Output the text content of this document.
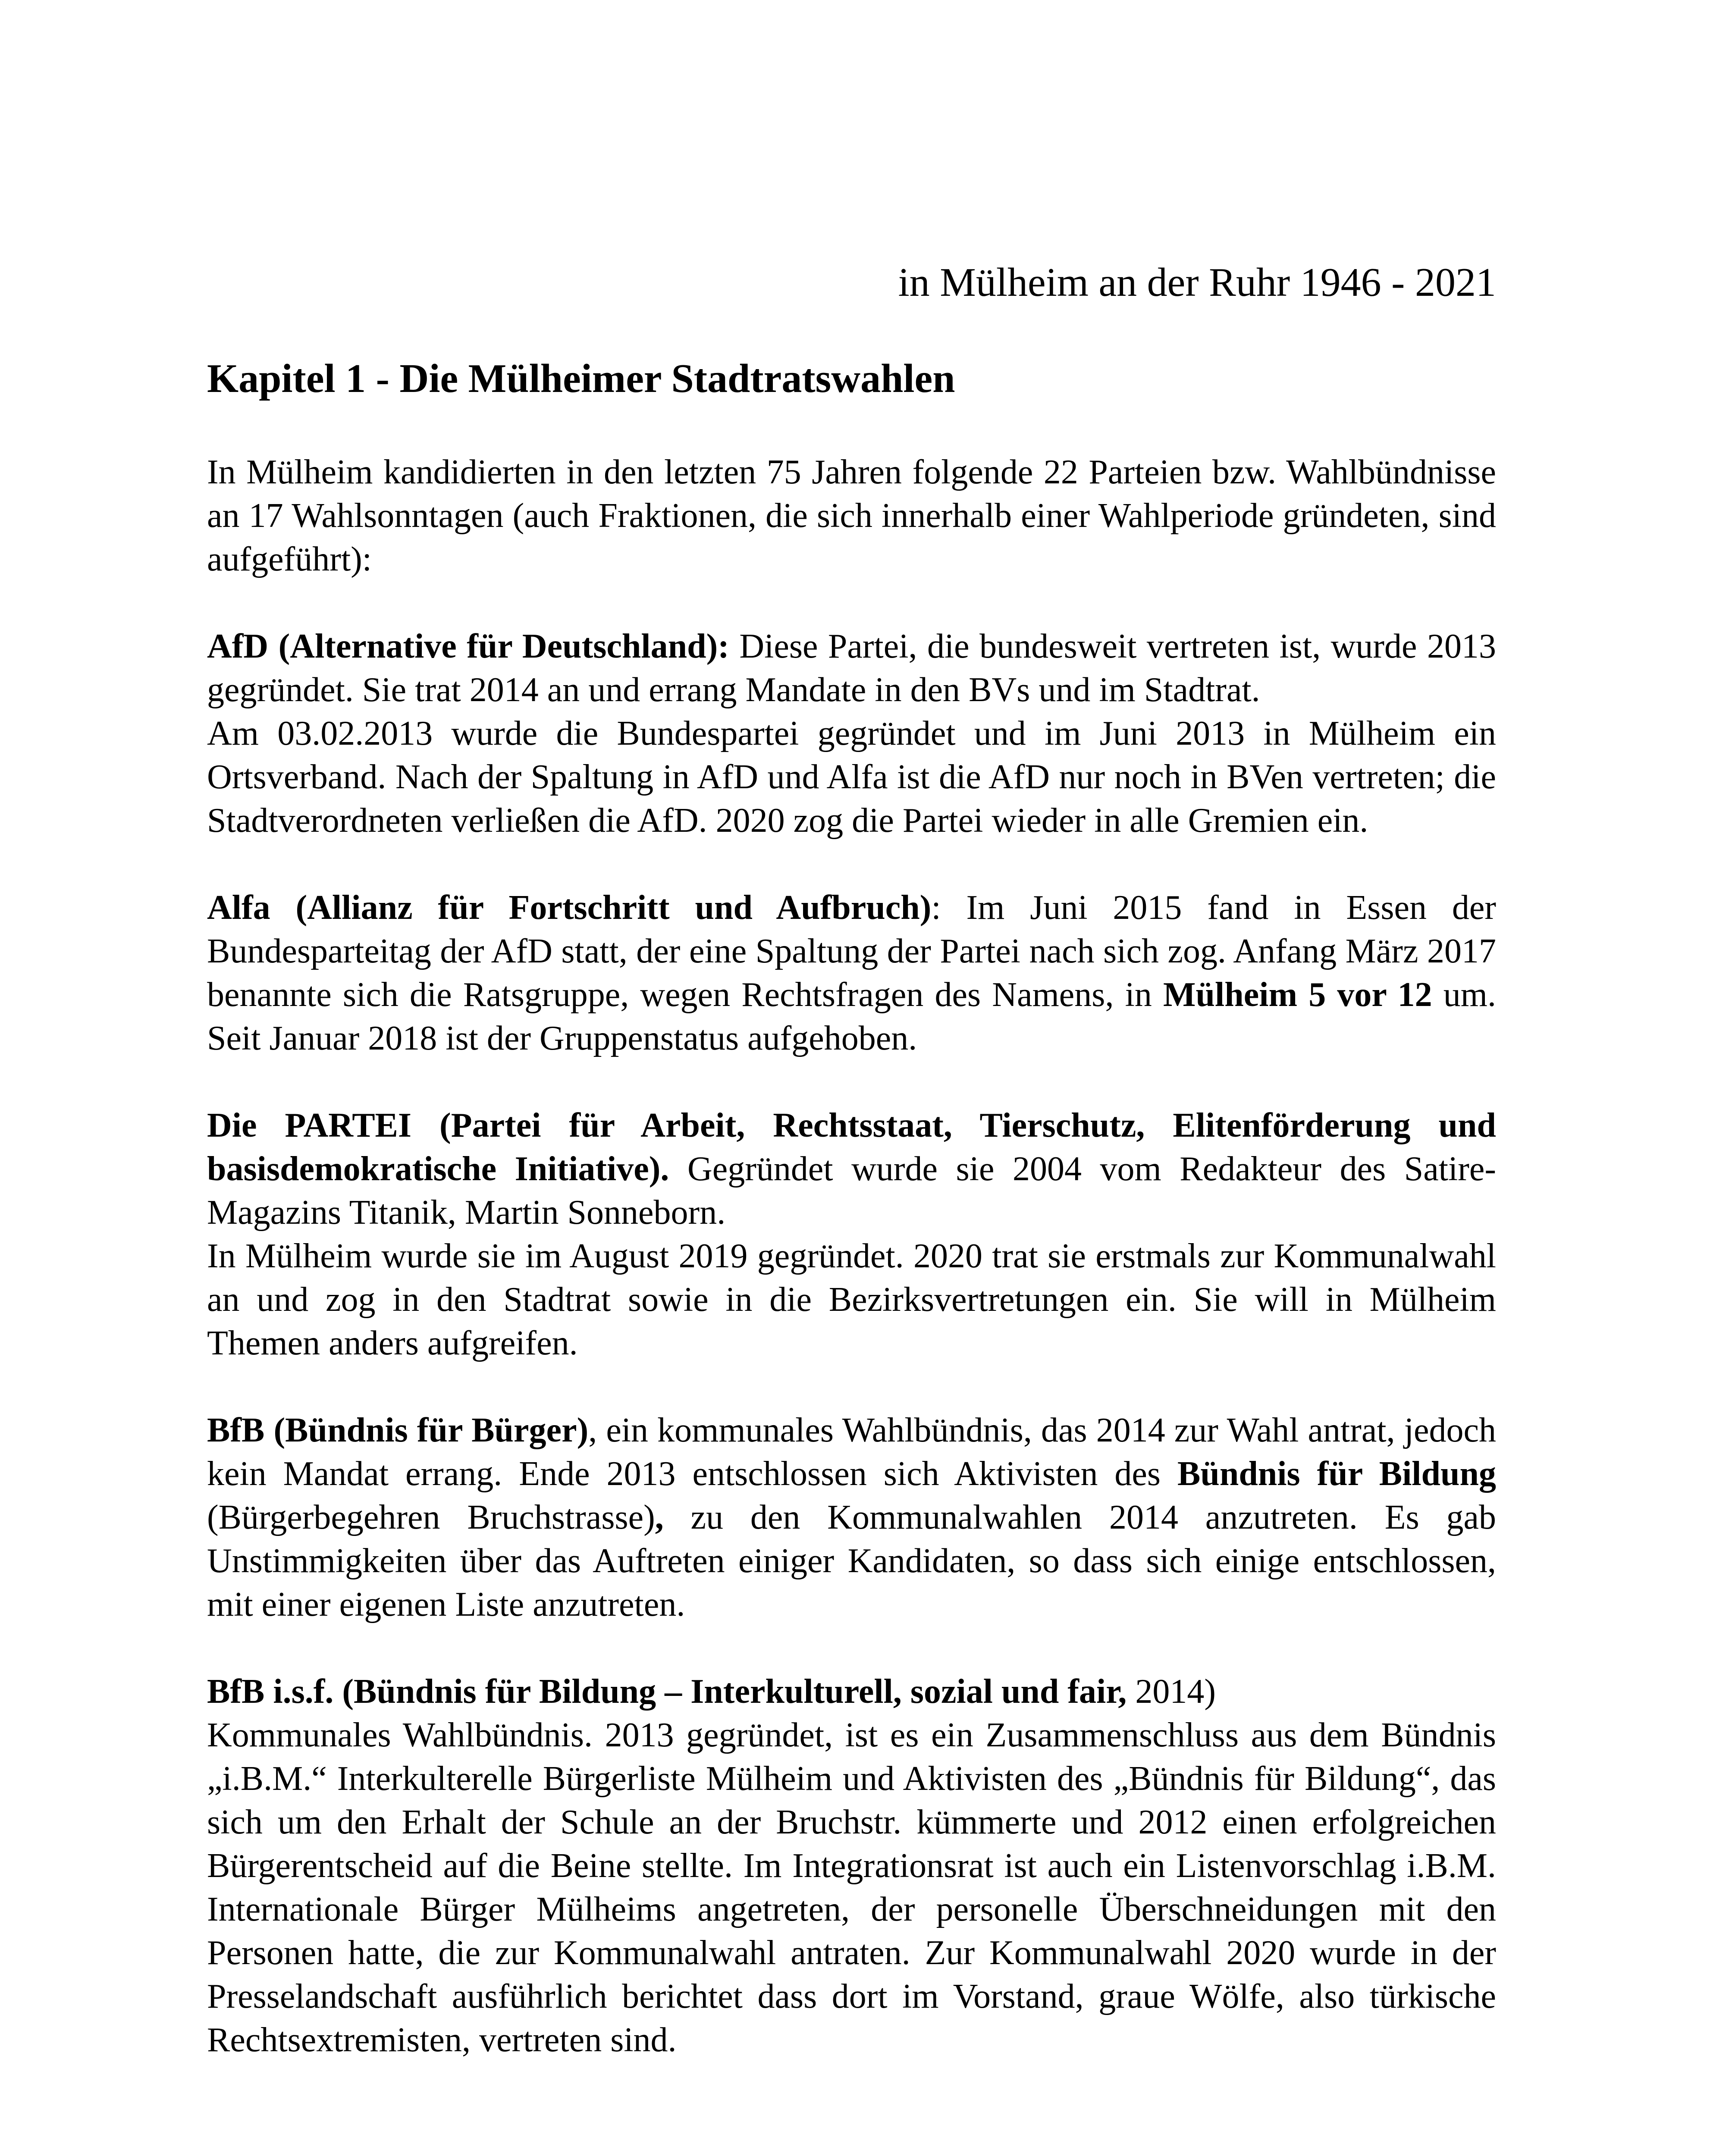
in Mülheim an der Ruhr 1946 - 2021
Kapitel 1 - Die Mülheimer Stadtratswahlen

In Mülheim kandidierten in den letzten 75 Jahren folgende 22 Parteien bzw. Wahlbündnisse an 17 Wahlsonntagen (auch Fraktionen, die sich innerhalb einer Wahlperiode gründeten, sind aufgeführt):

AfD (Alternative für Deutschland): Diese Partei, die bundesweit vertreten ist, wurde 2013 gegründet. Sie trat 2014 an und errang Mandate in den BVs und im Stadtrat.

Am 03.02.2013 wurde die Bundespartei gegründet und im Juni 2013 in Mülheim ein Ortsverband. Nach der Spaltung in AfD und Alfa ist die AfD nur noch in BVen vertreten; die Stadtverordneten verließen die AfD. 2020 zog die Partei wieder in alle Gremien ein.

Alfa (Allianz für Fortschritt und Aufbruch): Im Juni 2015 fand in Essen der Bundesparteitag der AfD statt, der eine Spaltung der Partei nach sich zog. Anfang März 2017 benannte sich die Ratsgruppe, wegen Rechtsfragen des Namens, in Mülheim 5 vor 12 um. Seit Januar 2018 ist der Gruppenstatus aufgehoben.

Die PARTEI (Partei für Arbeit, Rechtsstaat, Tierschutz, Elitenförderung und basisdemokratische Initiative). Gegründet wurde sie 2004 vom Redakteur des Satire-Magazins Titanik, Martin Sonneborn.

In Mülheim wurde sie im August 2019 gegründet. 2020 trat sie erstmals zur Kommunalwahl an und zog in den Stadtrat sowie in die Bezirksvertretungen ein. Sie will in Mülheim Themen anders aufgreifen.

BfB (Bündnis für Bürger), ein kommunales Wahlbündnis, das 2014 zur Wahl antrat, jedoch kein Mandat errang. Ende 2013 entschlossen sich Aktivisten des Bündnis für Bildung (Bürgerbegehren Bruchstrasse), zu den Kommunalwahlen 2014 anzutreten. Es gab Unstimmigkeiten über das Auftreten einiger Kandidaten, so dass sich einige entschlossen, mit einer eigenen Liste anzutreten.

BfB i.s.f. (Bündnis für Bildung – Interkulturell, sozial und fair, 2014)

Kommunales Wahlbündnis. 2013 gegründet, ist es ein Zusammenschluss aus dem Bündnis „i.B.M.“ Interkulterelle Bürgerliste Mülheim und Aktivisten des „Bündnis für Bildung“, das sich um den Erhalt der Schule an der Bruchstr. kümmerte und 2012 einen erfolgreichen Bürgerentscheid auf die Beine stellte. Im Integrationsrat ist auch ein Listenvorschlag i.B.M. Internationale Bürger Mülheims angetreten, der personelle Überschneidungen mit den Personen hatte, die zur Kommunalwahl antraten. Zur Kommunalwahl 2020 wurde in der Presselandschaft ausführlich berichtet dass dort im Vorstand, graue Wölfe, also türkische Rechtsextremisten, vertreten sind.
